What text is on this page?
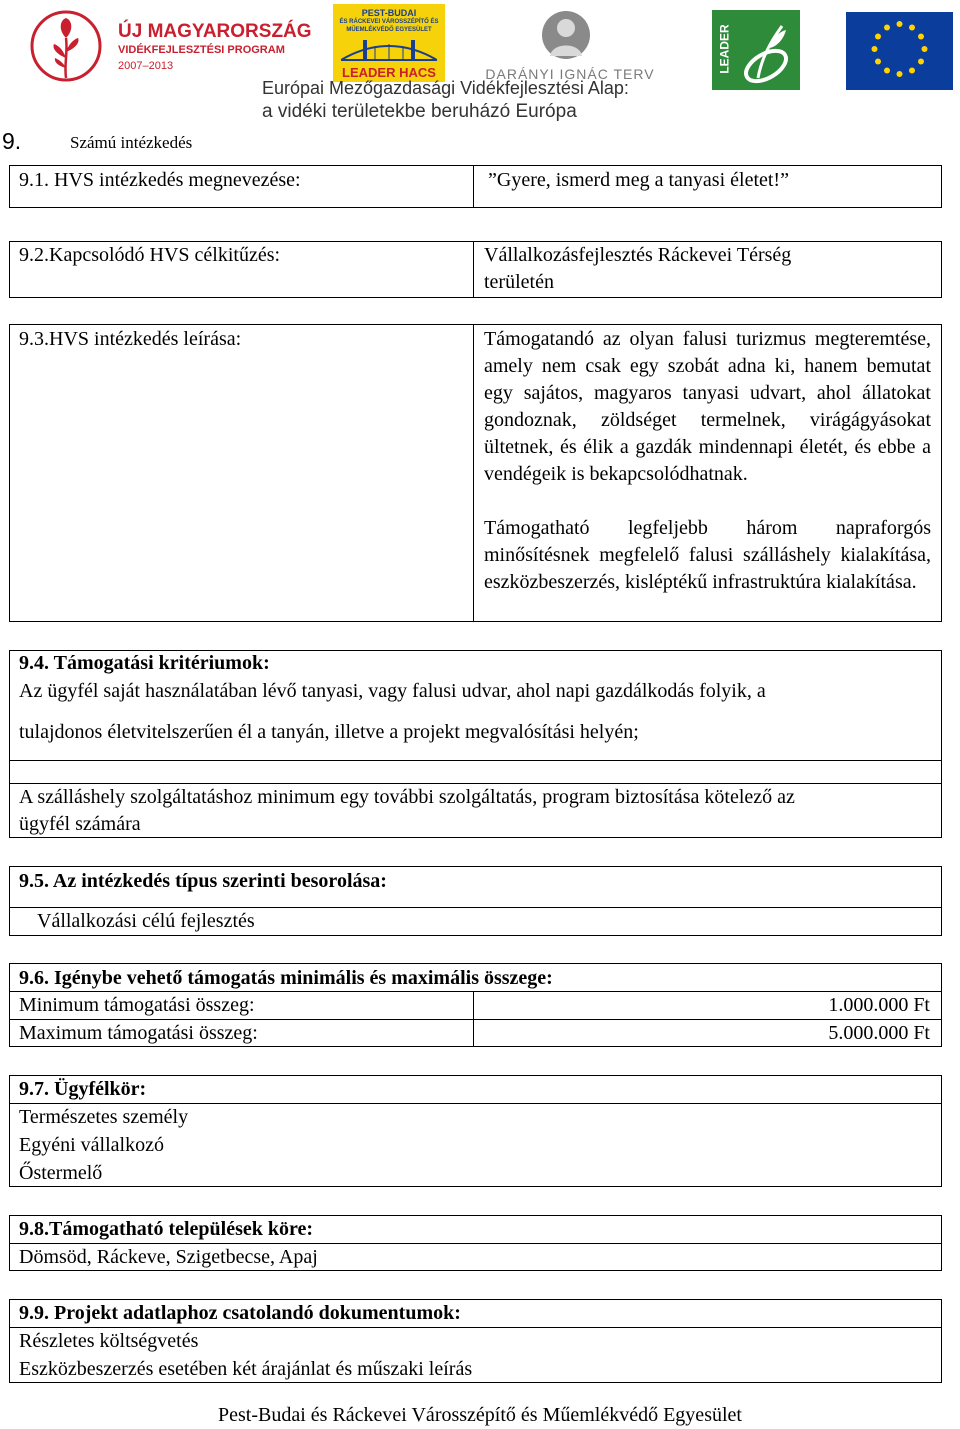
ÚJ MAGYARORSZÁG
VIDÉKFEJLESZTÉSI PROGRAM
2007–2013
PEST-BUDAI
ÉS RÁCKEVEI VÁROSSZÉPÍTŐ ÉS
MŰEMLÉKVÉDŐ EGYESÜLET
LEADER HACS	DARÁNYI IGNÁC TERV
LEADER
Európai Mezőgazdasági Vidékfejlesztési Alap:
a vidéki területekbe beruházó Európa
9.	Számú intézkedés
9.1. HVS intézkedés megnevezése:	”Gyere, ismerd meg a tanyasi életet!”
9.2.Kapcsolódó HVS célkitűzés:	Vállalkozásfejlesztés Ráckevei Térség
területén
9.3.HVS intézkedés leírása:	Támogatandó az olyan falusi turizmus megteremtése, amely nem csak egy szobát adna ki, hanem bemutat egy sajátos, magyaros tanyasi udvart, ahol állatokat gondoznak, zöldséget termelnek, virágágyásokat ültetnek, és élik a gazdák mindennapi életét, és ebbe a vendégeik is bekapcsolódhatnak.
Támogatható legfeljebb három napraforgós minősítésnek megfelelő falusi szálláshely kialakítása, eszközbeszerzés, kisléptékű infrastruktúra kialakítása.
9.4. Támogatási kritériumok:
Az ügyfél saját használatában lévő tanyasi, vagy falusi udvar, ahol napi gazdálkodás folyik, a
tulajdonos életvitelszerűen él a tanyán, illetve a projekt megvalósítási helyén;
A szálláshely szolgáltatáshoz minimum egy további szolgáltatás, program biztosítása kötelező az
ügyfél számára
9.5. Az intézkedés típus szerinti besorolása:
Vállalkozási célú fejlesztés
9.6. Igénybe vehető támogatás minimális és maximális összege:
Minimum támogatási összeg:	1.000.000 Ft
Maximum támogatási összeg:	5.000.000 Ft
9.7. Ügyfélkör:
Természetes személy
Egyéni vállalkozó
Őstermelő
9.8.Támogatható települések köre:
Dömsöd, Ráckeve, Szigetbecse, Apaj
9.9. Projekt adatlaphoz csatolandó dokumentumok:
Részletes költségvetés
Eszközbeszerzés esetében két árajánlat és műszaki leírás
Pest-Budai és Ráckevei Városszépítő és Műemlékvédő Egyesület
